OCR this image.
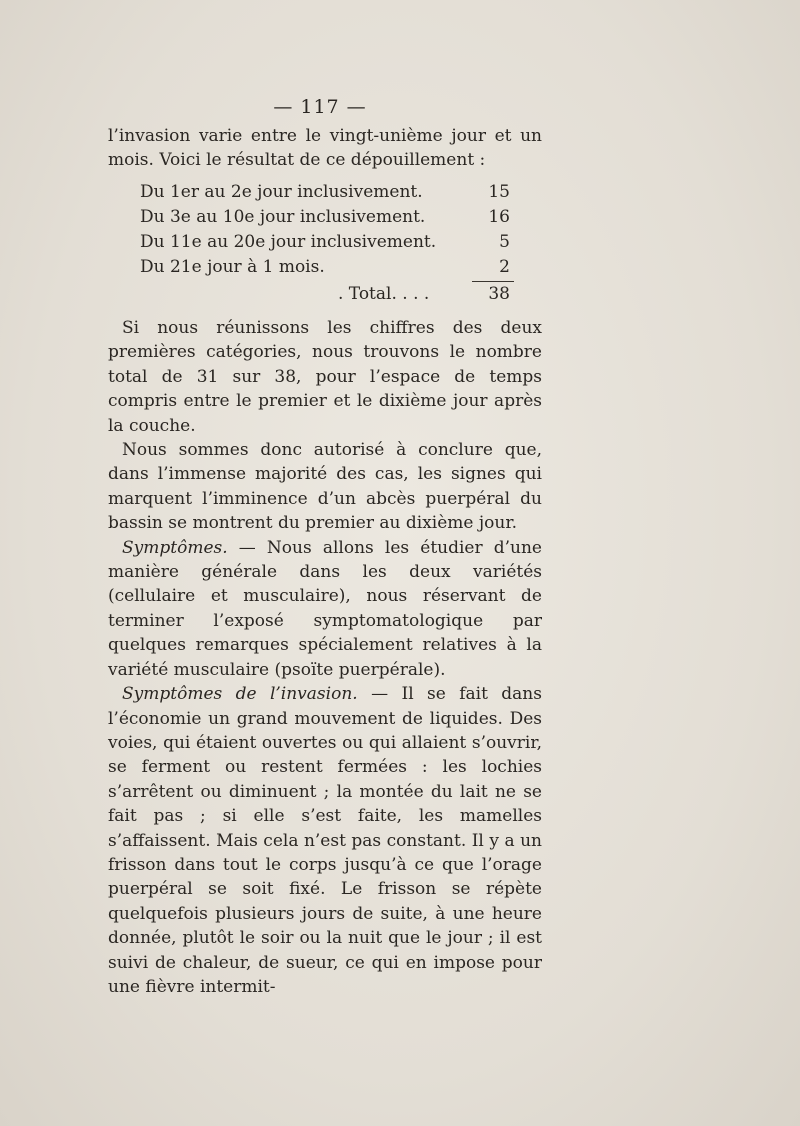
— 117 —

l’invasion varie entre le vingt-unième jour et un mois. Voici le résultat de ce dépouillement :

Du 1er au 2e jour inclusivement.	15
Du 3e au 10e jour inclusivement.	16
Du 11e au 20e jour inclusivement.	5
Du 21e jour à 1 mois.	2
. Total. . . .	38

Si nous réunissons les chiffres des deux premières catégories, nous trouvons le nombre total de 31 sur 38, pour l’espace de temps compris entre le premier et le dixième jour après la couche.

Nous sommes donc autorisé à conclure que, dans l’immense majorité des cas, les signes qui marquent l’imminence d’un abcès puerpéral du bassin se montrent du premier au dixième jour.

Symptômes. — Nous allons les étudier d’une manière générale dans les deux variétés (cellulaire et musculaire), nous réservant de terminer l’exposé symptomatologique par quelques remarques spécialement relatives à la variété musculaire (psoïte puerpérale).

Symptômes de l’invasion. — Il se fait dans l’économie un grand mouvement de liquides. Des voies, qui étaient ouvertes ou qui allaient s’ouvrir, se ferment ou restent fermées : les lochies s’arrêtent ou diminuent ; la montée du lait ne se fait pas ; si elle s’est faite, les mamelles s’affaissent. Mais cela n’est pas constant. Il y a un frisson dans tout le corps jusqu’à ce que l’orage puerpéral se soit fixé. Le frisson se répète quelquefois plusieurs jours de suite, à une heure donnée, plutôt le soir ou la nuit que le jour ; il est suivi de chaleur, de sueur, ce qui en impose pour une fièvre intermit-
